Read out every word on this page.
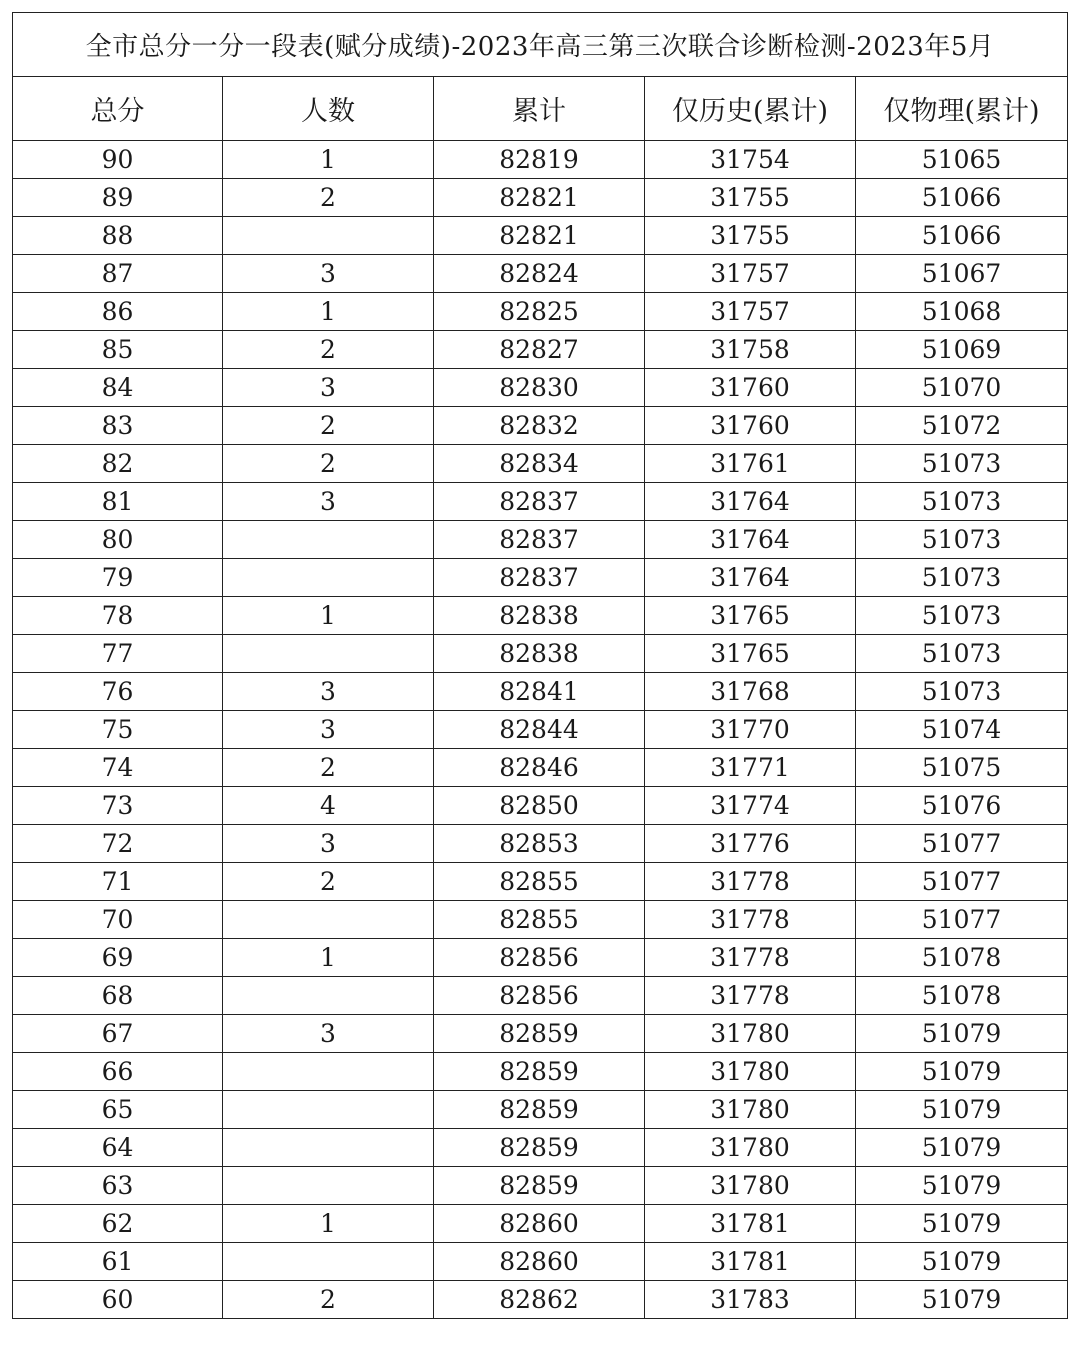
全市总分一分一段表(赋分成绩)-2023年高三第三次联合诊断检测-2023年5月				
总分	人数	累计	仅历史(累计)	仅物理(累计)
90	1	82819	31754	51065
89	2	82821	31755	51066
88		82821	31755	51066
87	3	82824	31757	51067
86	1	82825	31757	51068
85	2	82827	31758	51069
84	3	82830	31760	51070
83	2	82832	31760	51072
82	2	82834	31761	51073
81	3	82837	31764	51073
80		82837	31764	51073
79		82837	31764	51073
78	1	82838	31765	51073
77		82838	31765	51073
76	3	82841	31768	51073
75	3	82844	31770	51074
74	2	82846	31771	51075
73	4	82850	31774	51076
72	3	82853	31776	51077
71	2	82855	31778	51077
70		82855	31778	51077
69	1	82856	31778	51078
68		82856	31778	51078
67	3	82859	31780	51079
66		82859	31780	51079
65		82859	31780	51079
64		82859	31780	51079
63		82859	31780	51079
62	1	82860	31781	51079
61		82860	31781	51079
60	2	82862	31783	51079
